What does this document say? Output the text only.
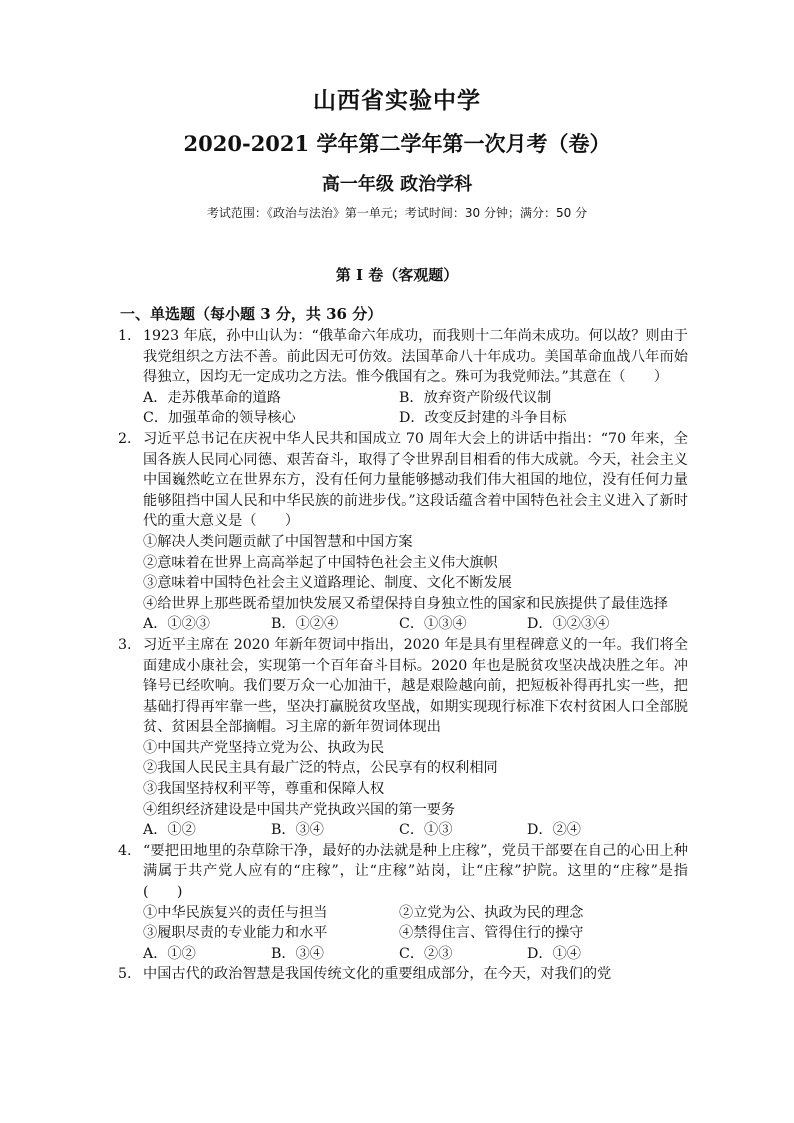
山西省实验中学
2020-2021 学年第二学年第一次月考（卷）
高一年级 政治学科
考试范围：《政治与法治》第一单元；考试时间：30 分钟；满分：50 分
第 I 卷（客观题）
一、单选题（每小题 3 分，共 36 分）
1. 1923 年底，孙中山认为：“俄革命六年成功，而我则十二年尚未成功。何以故？则由于我党组织之方法不善。前此因无可仿效。法国革命八十年成功。美国革命血战八年而始得独立，因均无一定成功之方法。惟今俄国有之。殊可为我党师法。”其意在（　　）
A．走苏俄革命的道路	B．放弃资产阶级代议制
C．加强革命的领导核心	D．改变反封建的斗争目标
2. 习近平总书记在庆祝中华人民共和国成立 70 周年大会上的讲话中指出：“70 年来，全国各族人民同心同德、艰苦奋斗，取得了令世界刮目相看的伟大成就。今天，社会主义中国巍然屹立在世界东方，没有任何力量能够撼动我们伟大祖国的地位，没有任何力量能够阻挡中国人民和中华民族的前进步伐。”这段话蕴含着中国特色社会主义进入了新时代的重大意义是（　　）
①解决人类问题贡献了中国智慧和中国方案
②意味着在世界上高高举起了中国特色社会主义伟大旗帜
③意味着中国特色社会主义道路理论、制度、文化不断发展
④给世界上那些既希望加快发展又希望保持自身独立性的国家和民族提供了最佳选择
A．①②③	B．①②④	C．①③④	D．①②③④
3. 习近平主席在 2020 年新年贺词中指出，2020 年是具有里程碑意义的一年。我们将全面建成小康社会，实现第一个百年奋斗目标。2020 年也是脱贫攻坚决战决胜之年。冲锋号已经吹响。我们要万众一心加油干，越是艰险越向前，把短板补得再扎实一些，把基础打得再牢靠一些，坚决打赢脱贫攻坚战，如期实现现行标准下农村贫困人口全部脱贫、贫困县全部摘帽。习主席的新年贺词体现出
①中国共产党坚持立党为公、执政为民
②我国人民民主具有最广泛的特点，公民享有的权利相同
③我国坚持权利平等，尊重和保障人权
④组织经济建设是中国共产党执政兴国的第一要务
A．①②	B．③④	C．①③	D．②④
4. “要把田地里的杂草除干净，最好的办法就是种上庄稼”，党员干部要在自己的心田上种满属于共产党人应有的“庄稼”，让“庄稼”站岗，让“庄稼”护院。这里的“庄稼”是指(　　)
①中华民族复兴的责任与担当	②立党为公、执政为民的理念
③履职尽责的专业能力和水平	④禁得住言、管得住行的操守
A．①②	B．③④	C．②③	D．①④
5. 中国古代的政治智慧是我国传统文化的重要组成部分，在今天，对我们的党
